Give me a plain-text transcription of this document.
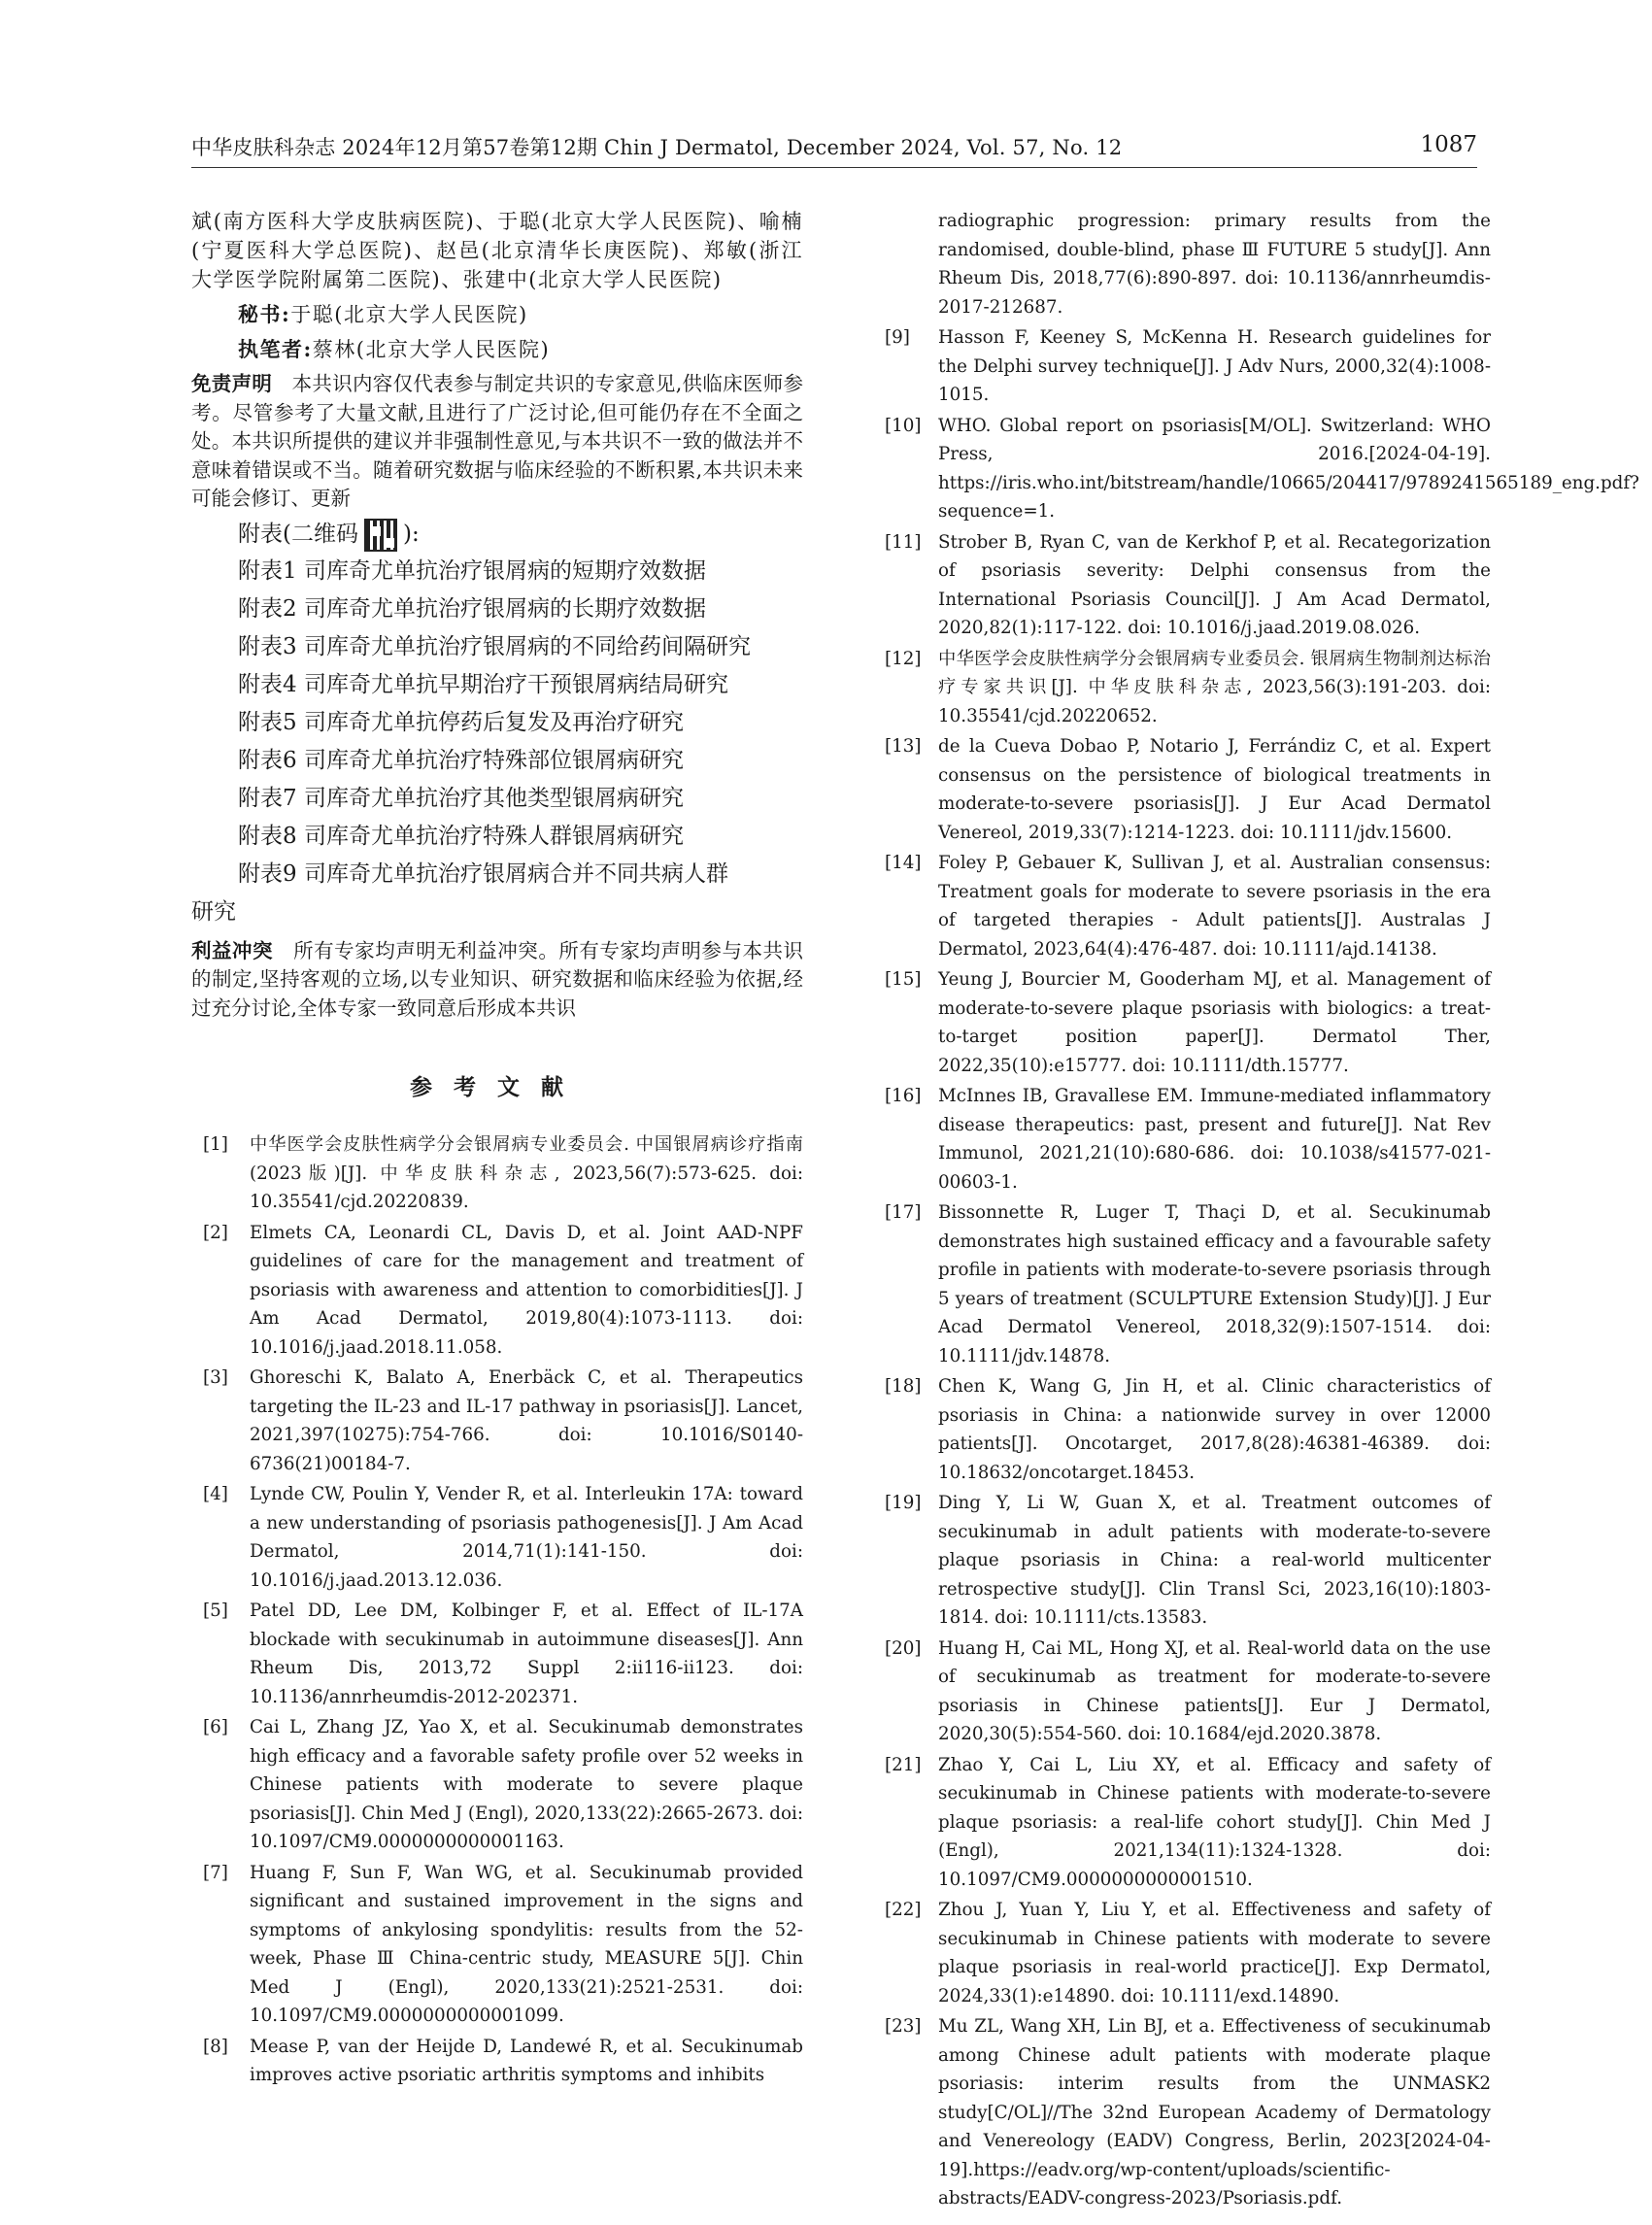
中华皮肤科杂志 2024年12月第57卷第12期 Chin J Dermatol, December 2024, Vol. 57, No. 12	1087
斌(南方医科大学皮肤病医院)、于聪(北京大学人民医院)、喻楠(宁夏医科大学总医院)、赵邑(北京清华长庚医院)、郑敏(浙江大学医学院附属第二医院)、张建中(北京大学人民医院)
秘书:于聪(北京大学人民医院)
执笔者:蔡林(北京大学人民医院)
免责声明 本共识内容仅代表参与制定共识的专家意见,供临床医师参考。尽管参考了大量文献,且进行了广泛讨论,但可能仍存在不全面之处。本共识所提供的建议并非强制性意见,与本共识不一致的做法并不意味着错误或不当。随着研究数据与临床经验的不断积累,本共识未来可能会修订、更新
附表(二维码 ):
附表1 司库奇尤单抗治疗银屑病的短期疗效数据
附表2 司库奇尤单抗治疗银屑病的长期疗效数据
附表3 司库奇尤单抗治疗银屑病的不同给药间隔研究
附表4 司库奇尤单抗早期治疗干预银屑病结局研究
附表5 司库奇尤单抗停药后复发及再治疗研究
附表6 司库奇尤单抗治疗特殊部位银屑病研究
附表7 司库奇尤单抗治疗其他类型银屑病研究
附表8 司库奇尤单抗治疗特殊人群银屑病研究
附表9 司库奇尤单抗治疗银屑病合并不同共病人群
研究
利益冲突 所有专家均声明无利益冲突。所有专家均声明参与本共识的制定,坚持客观的立场,以专业知识、研究数据和临床经验为依据,经过充分讨论,全体专家一致同意后形成本共识
参考文献
[1] 中华医学会皮肤性病学分会银屑病专业委员会. 中国银屑病诊疗指南(2023版)[J]. 中华皮肤科杂志, 2023,56(7):573-625. doi: 10.35541/cjd.20220839.
[2] Elmets CA, Leonardi CL, Davis D, et al. Joint AAD-NPF guidelines of care for the management and treatment of psoriasis with awareness and attention to comorbidities[J]. J Am Acad Dermatol, 2019,80(4):1073-1113. doi: 10.1016/j.jaad.2018.11.058.
[3] Ghoreschi K, Balato A, Enerbäck C, et al. Therapeutics targeting the IL-23 and IL-17 pathway in psoriasis[J]. Lancet, 2021,397(10275):754-766. doi: 10.1016/S0140-6736(21)00184-7.
[4] Lynde CW, Poulin Y, Vender R, et al. Interleukin 17A: toward a new understanding of psoriasis pathogenesis[J]. J Am Acad Dermatol, 2014,71(1):141-150. doi: 10.1016/j.jaad.2013.12.036.
[5] Patel DD, Lee DM, Kolbinger F, et al. Effect of IL-17A blockade with secukinumab in autoimmune diseases[J]. Ann Rheum Dis, 2013,72 Suppl 2:ii116-ii123. doi: 10.1136/annrheumdis-2012-202371.
[6] Cai L, Zhang JZ, Yao X, et al. Secukinumab demonstrates high efficacy and a favorable safety profile over 52 weeks in Chinese patients with moderate to severe plaque psoriasis[J]. Chin Med J (Engl), 2020,133(22):2665-2673. doi: 10.1097/CM9.0000000000001163.
[7] Huang F, Sun F, Wan WG, et al. Secukinumab provided significant and sustained improvement in the signs and symptoms of ankylosing spondylitis: results from the 52-week, Phase Ⅲ China-centric study, MEASURE 5[J]. Chin Med J (Engl), 2020,133(21):2521-2531. doi: 10.1097/CM9.0000000000001099.
[8] Mease P, van der Heijde D, Landewé R, et al. Secukinumab improves active psoriatic arthritis symptoms and inhibits
radiographic progression: primary results from the randomised, double-blind, phase Ⅲ FUTURE 5 study[J]. Ann Rheum Dis, 2018,77(6):890-897. doi: 10.1136/annrheumdis-2017-212687.
[9] Hasson F, Keeney S, McKenna H. Research guidelines for the Delphi survey technique[J]. J Adv Nurs, 2000,32(4):1008-1015.
[10] WHO. Global report on psoriasis[M/OL]. Switzerland: WHO Press, 2016.[2024-04-19]. https://iris.who.int/bitstream/handle/10665/204417/9789241565189_eng.pdf?sequence=1.
[11] Strober B, Ryan C, van de Kerkhof P, et al. Recategorization of psoriasis severity: Delphi consensus from the International Psoriasis Council[J]. J Am Acad Dermatol, 2020,82(1):117-122. doi: 10.1016/j.jaad.2019.08.026.
[12] 中华医学会皮肤性病学分会银屑病专业委员会. 银屑病生物制剂达标治疗专家共识[J]. 中华皮肤科杂志, 2023,56(3):191-203. doi: 10.35541/cjd.20220652.
[13] de la Cueva Dobao P, Notario J, Ferrándiz C, et al. Expert consensus on the persistence of biological treatments in moderate-to-severe psoriasis[J]. J Eur Acad Dermatol Venereol, 2019,33(7):1214-1223. doi: 10.1111/jdv.15600.
[14] Foley P, Gebauer K, Sullivan J, et al. Australian consensus: Treatment goals for moderate to severe psoriasis in the era of targeted therapies - Adult patients[J]. Australas J Dermatol, 2023,64(4):476-487. doi: 10.1111/ajd.14138.
[15] Yeung J, Bourcier M, Gooderham MJ, et al. Management of moderate-to-severe plaque psoriasis with biologics: a treat-to-target position paper[J]. Dermatol Ther, 2022,35(10):e15777. doi: 10.1111/dth.15777.
[16] McInnes IB, Gravallese EM. Immune-mediated inflammatory disease therapeutics: past, present and future[J]. Nat Rev Immunol, 2021,21(10):680-686. doi: 10.1038/s41577-021-00603-1.
[17] Bissonnette R, Luger T, Thaçi D, et al. Secukinumab demonstrates high sustained efficacy and a favourable safety profile in patients with moderate-to-severe psoriasis through 5 years of treatment (SCULPTURE Extension Study)[J]. J Eur Acad Dermatol Venereol, 2018,32(9):1507-1514. doi: 10.1111/jdv.14878.
[18] Chen K, Wang G, Jin H, et al. Clinic characteristics of psoriasis in China: a nationwide survey in over 12000 patients[J]. Oncotarget, 2017,8(28):46381-46389. doi: 10.18632/oncotarget.18453.
[19] Ding Y, Li W, Guan X, et al. Treatment outcomes of secukinumab in adult patients with moderate-to-severe plaque psoriasis in China: a real-world multicenter retrospective study[J]. Clin Transl Sci, 2023,16(10):1803-1814. doi: 10.1111/cts.13583.
[20] Huang H, Cai ML, Hong XJ, et al. Real-world data on the use of secukinumab as treatment for moderate-to-severe psoriasis in Chinese patients[J]. Eur J Dermatol, 2020,30(5):554-560. doi: 10.1684/ejd.2020.3878.
[21] Zhao Y, Cai L, Liu XY, et al. Efficacy and safety of secukinumab in Chinese patients with moderate-to-severe plaque psoriasis: a real-life cohort study[J]. Chin Med J (Engl), 2021,134(11):1324-1328. doi: 10.1097/CM9.0000000000001510.
[22] Zhou J, Yuan Y, Liu Y, et al. Effectiveness and safety of secukinumab in Chinese patients with moderate to severe plaque psoriasis in real-world practice[J]. Exp Dermatol, 2024,33(1):e14890. doi: 10.1111/exd.14890.
[23] Mu ZL, Wang XH, Lin BJ, et a. Effectiveness of secukinumab among Chinese adult patients with moderate plaque psoriasis: interim results from the UNMASK2 study[C/OL]//The 32nd European Academy of Dermatology and Venereology (EADV) Congress, Berlin, 2023[2024-04-19].https://eadv.org/wp-content/uploads/scientific-abstracts/EADV-congress-2023/Psoriasis.pdf.
